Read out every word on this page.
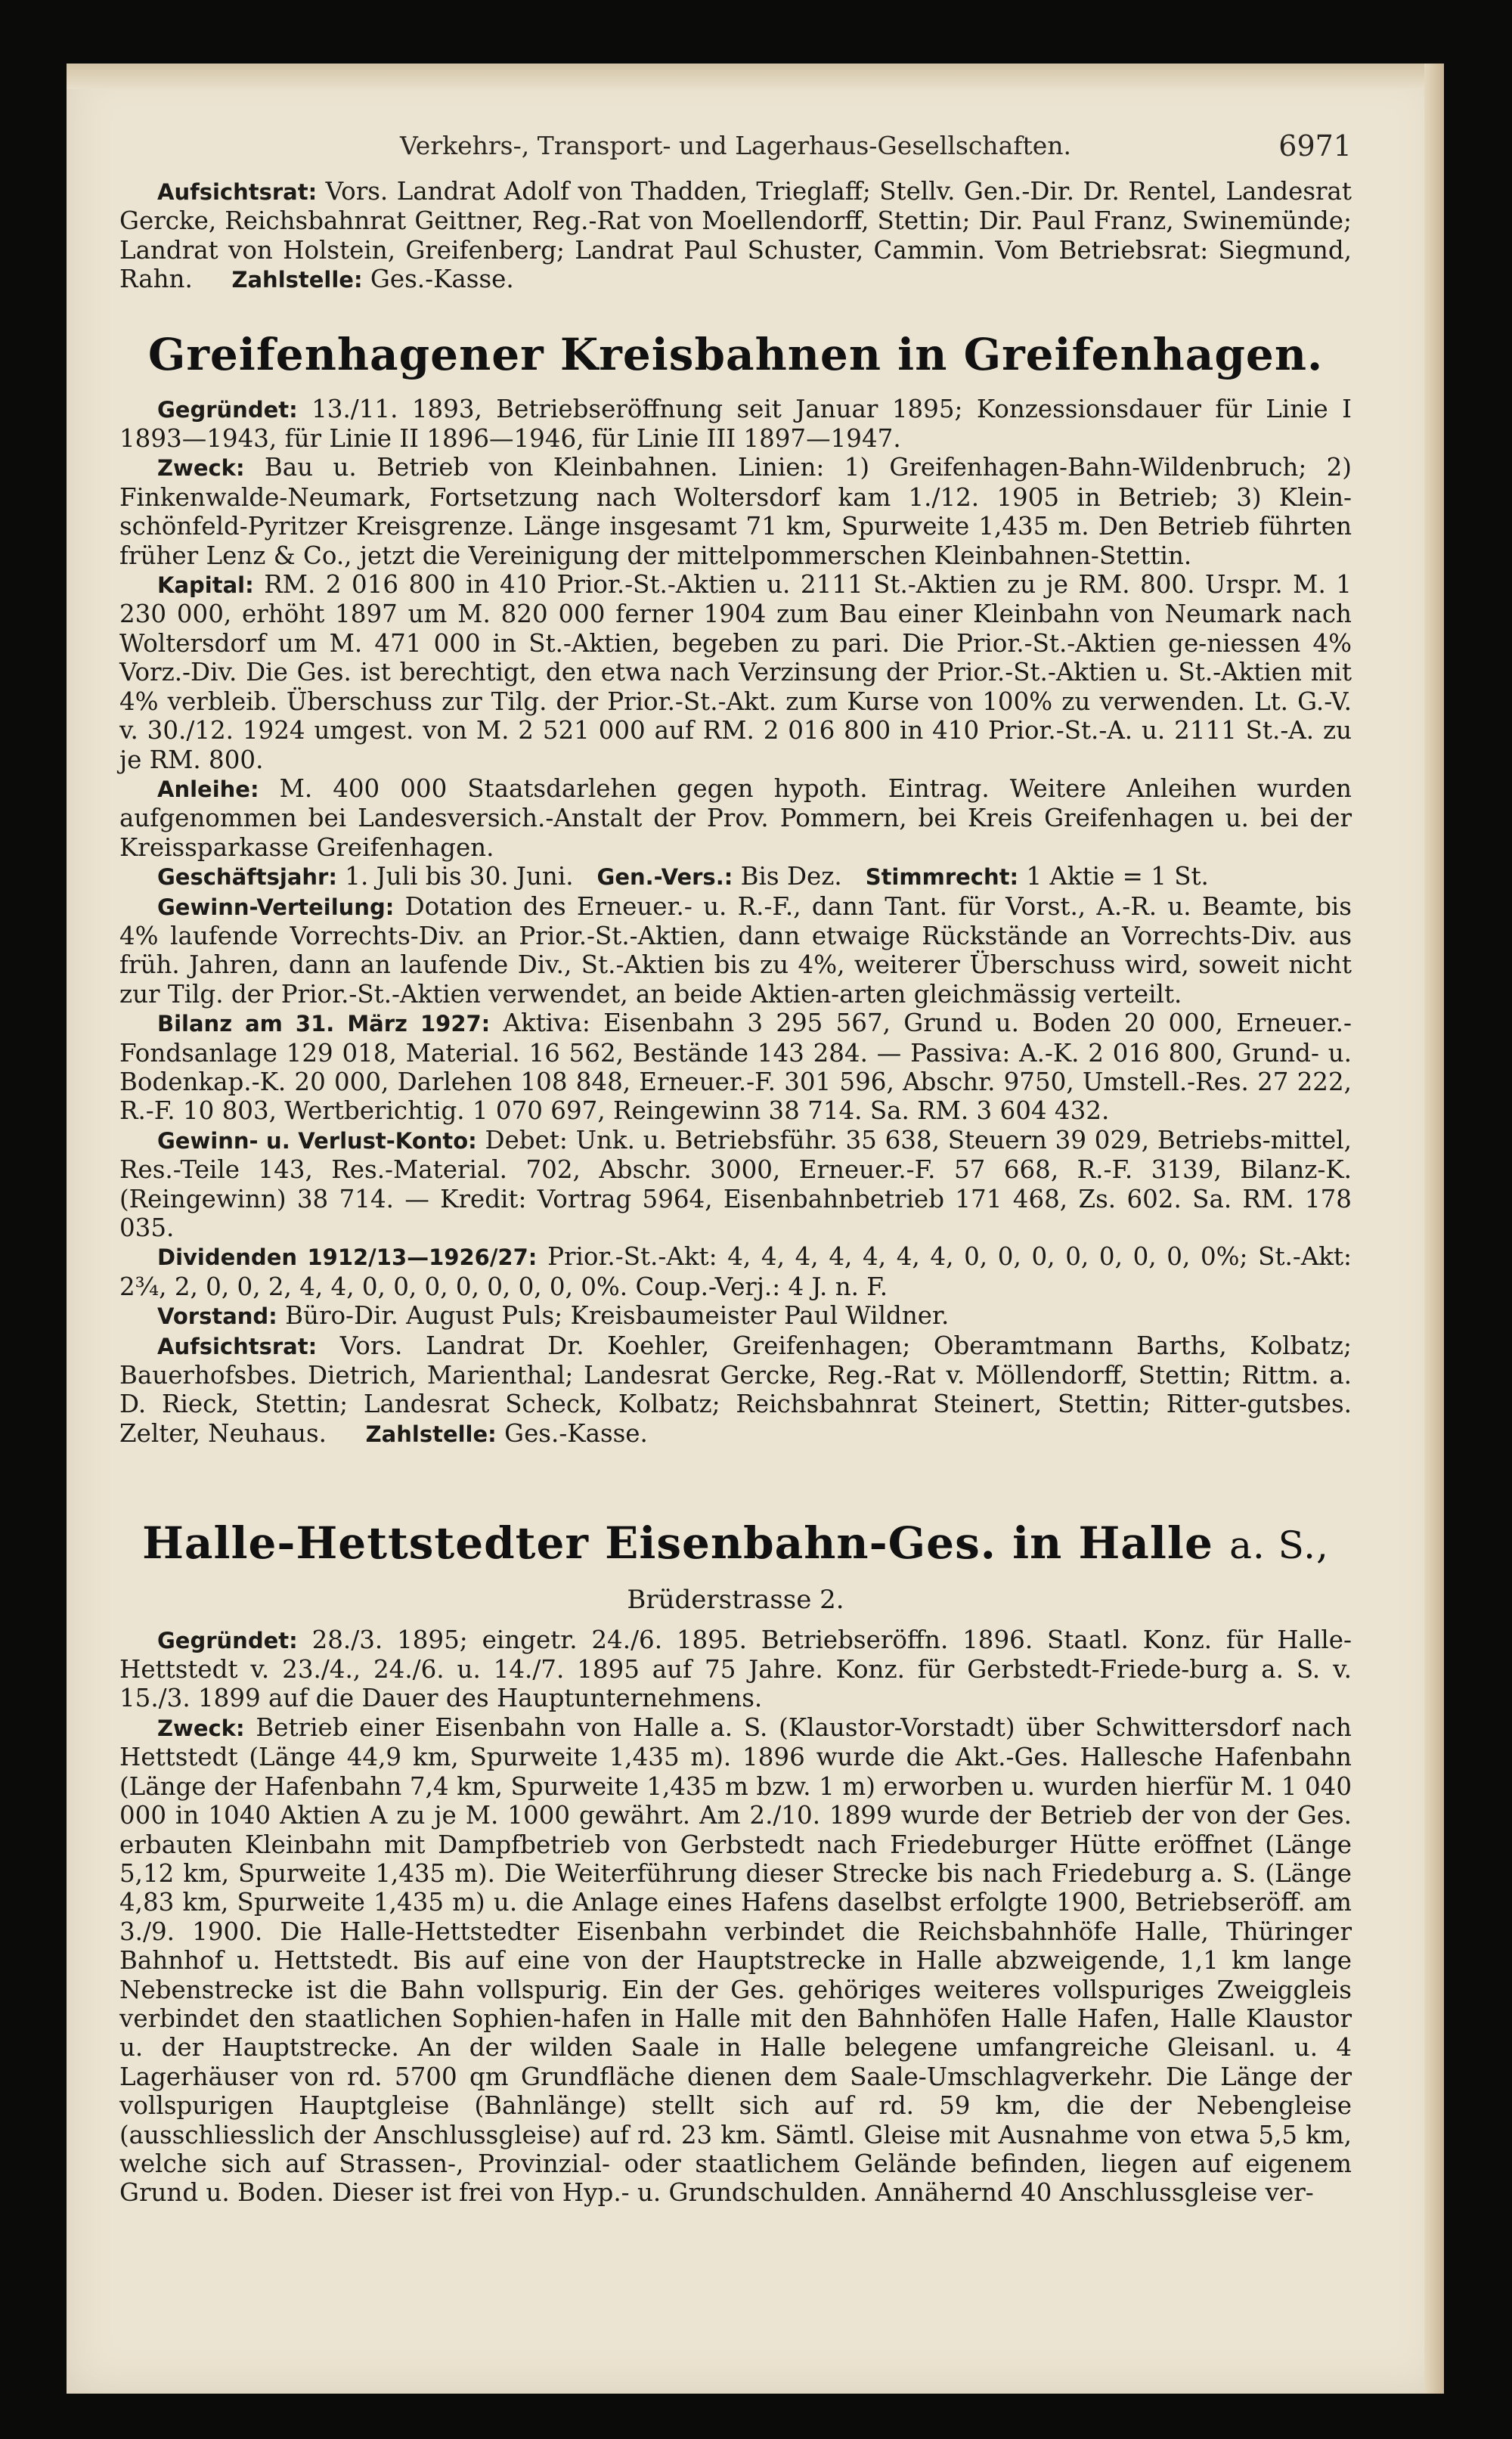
Verkehrs-, Transport- und Lagerhaus-Gesellschaften.	6971

Aufsichtsrat: Vors. Landrat Adolf von Thadden, Trieglaff; Stellv. Gen.-Dir. Dr. Rentel, Landesrat Gercke, Reichsbahnrat Geittner, Reg.-Rat von Moellendorff, Stettin; Dir. Paul Franz, Swinemünde; Landrat von Holstein, Greifenberg; Landrat Paul Schuster, Cammin. Vom Betriebsrat: Siegmund, Rahn. Zahlstelle: Ges.-Kasse.

Greifenhagener Kreisbahnen in Greifenhagen.

Gegründet: 13./11. 1893, Betriebseröffnung seit Januar 1895; Konzessionsdauer für Linie I 1893—1943, für Linie II 1896—1946, für Linie III 1897—1947.

Zweck: Bau u. Betrieb von Kleinbahnen. Linien: 1) Greifenhagen-Bahn-Wildenbruch; 2) Finkenwalde-Neumark, Fortsetzung nach Woltersdorf kam 1./12. 1905 in Betrieb; 3) Klein-schönfeld-Pyritzer Kreisgrenze. Länge insgesamt 71 km, Spurweite 1,435 m. Den Betrieb führten früher Lenz & Co., jetzt die Vereinigung der mittelpommerschen Kleinbahnen-Stettin.

Kapital: RM. 2 016 800 in 410 Prior.-St.-Aktien u. 2111 St.-Aktien zu je RM. 800. Urspr. M. 1 230 000, erhöht 1897 um M. 820 000 ferner 1904 zum Bau einer Kleinbahn von Neumark nach Woltersdorf um M. 471 000 in St.-Aktien, begeben zu pari. Die Prior.-St.-Aktien ge-niessen 4% Vorz.-Div. Die Ges. ist berechtigt, den etwa nach Verzinsung der Prior.-St.-Aktien u. St.-Aktien mit 4% verbleib. Überschuss zur Tilg. der Prior.-St.-Akt. zum Kurse von 100% zu verwenden. Lt. G.-V. v. 30./12. 1924 umgest. von M. 2 521 000 auf RM. 2 016 800 in 410 Prior.-St.-A. u. 2111 St.-A. zu je RM. 800.

Anleihe: M. 400 000 Staatsdarlehen gegen hypoth. Eintrag. Weitere Anleihen wurden aufgenommen bei Landesversich.-Anstalt der Prov. Pommern, bei Kreis Greifenhagen u. bei der Kreissparkasse Greifenhagen.

Geschäftsjahr: 1. Juli bis 30. Juni. Gen.-Vers.: Bis Dez. Stimmrecht: 1 Aktie = 1 St.

Gewinn-Verteilung: Dotation des Erneuer.- u. R.-F., dann Tant. für Vorst., A.-R. u. Beamte, bis 4% laufende Vorrechts-Div. an Prior.-St.-Aktien, dann etwaige Rückstände an Vorrechts-Div. aus früh. Jahren, dann an laufende Div., St.-Aktien bis zu 4%, weiterer Überschuss wird, soweit nicht zur Tilg. der Prior.-St.-Aktien verwendet, an beide Aktien-arten gleichmässig verteilt.

Bilanz am 31. März 1927: Aktiva: Eisenbahn 3 295 567, Grund u. Boden 20 000, Erneuer.-Fondsanlage 129 018, Material. 16 562, Bestände 143 284. — Passiva: A.-K. 2 016 800, Grund- u. Bodenkap.-K. 20 000, Darlehen 108 848, Erneuer.-F. 301 596, Abschr. 9750, Umstell.-Res. 27 222, R.-F. 10 803, Wertberichtig. 1 070 697, Reingewinn 38 714. Sa. RM. 3 604 432.

Gewinn- u. Verlust-Konto: Debet: Unk. u. Betriebsführ. 35 638, Steuern 39 029, Betriebs-mittel, Res.-Teile 143, Res.-Material. 702, Abschr. 3000, Erneuer.-F. 57 668, R.-F. 3139, Bilanz-K. (Reingewinn) 38 714. — Kredit: Vortrag 5964, Eisenbahnbetrieb 171 468, Zs. 602. Sa. RM. 178 035.

Dividenden 1912/13—1926/27: Prior.-St.-Akt: 4, 4, 4, 4, 4, 4, 4, 0, 0, 0, 0, 0, 0, 0, 0%; St.-Akt: 2¾, 2, 0, 0, 2, 4, 4, 0, 0, 0, 0, 0, 0, 0, 0%. Coup.-Verj.: 4 J. n. F.

Vorstand: Büro-Dir. August Puls; Kreisbaumeister Paul Wildner.

Aufsichtsrat: Vors. Landrat Dr. Koehler, Greifenhagen; Oberamtmann Barths, Kolbatz; Bauerhofsbes. Dietrich, Marienthal; Landesrat Gercke, Reg.-Rat v. Möllendorff, Stettin; Rittm. a. D. Rieck, Stettin; Landesrat Scheck, Kolbatz; Reichsbahnrat Steinert, Stettin; Ritter-gutsbes. Zelter, Neuhaus. Zahlstelle: Ges.-Kasse.

Halle-Hettstedter Eisenbahn-Ges. in Halle a. S.,
Brüderstrasse 2.

Gegründet: 28./3. 1895; eingetr. 24./6. 1895. Betriebseröffn. 1896. Staatl. Konz. für Halle-Hettstedt v. 23./4., 24./6. u. 14./7. 1895 auf 75 Jahre. Konz. für Gerbstedt-Friede-burg a. S. v. 15./3. 1899 auf die Dauer des Hauptunternehmens.

Zweck: Betrieb einer Eisenbahn von Halle a. S. (Klaustor-Vorstadt) über Schwittersdorf nach Hettstedt (Länge 44,9 km, Spurweite 1,435 m). 1896 wurde die Akt.-Ges. Hallesche Hafenbahn (Länge der Hafenbahn 7,4 km, Spurweite 1,435 m bzw. 1 m) erworben u. wurden hierfür M. 1 040 000 in 1040 Aktien A zu je M. 1000 gewährt. Am 2./10. 1899 wurde der Betrieb der von der Ges. erbauten Kleinbahn mit Dampfbetrieb von Gerbstedt nach Friedeburger Hütte eröffnet (Länge 5,12 km, Spurweite 1,435 m). Die Weiterführung dieser Strecke bis nach Friedeburg a. S. (Länge 4,83 km, Spurweite 1,435 m) u. die Anlage eines Hafens daselbst erfolgte 1900, Betriebseröff. am 3./9. 1900. Die Halle-Hettstedter Eisenbahn verbindet die Reichsbahnhöfe Halle, Thüringer Bahnhof u. Hettstedt. Bis auf eine von der Hauptstrecke in Halle abzweigende, 1,1 km lange Nebenstrecke ist die Bahn vollspurig. Ein der Ges. gehöriges weiteres vollspuriges Zweiggleis verbindet den staatlichen Sophien-hafen in Halle mit den Bahnhöfen Halle Hafen, Halle Klaustor u. der Hauptstrecke. An der wilden Saale in Halle belegene umfangreiche Gleisanl. u. 4 Lagerhäuser von rd. 5700 qm Grundfläche dienen dem Saale-Umschlagverkehr. Die Länge der vollspurigen Hauptgleise (Bahnlänge) stellt sich auf rd. 59 km, die der Nebengleise (ausschliesslich der Anschlussgleise) auf rd. 23 km. Sämtl. Gleise mit Ausnahme von etwa 5,5 km, welche sich auf Strassen-, Provinzial- oder staatlichem Gelände befinden, liegen auf eigenem Grund u. Boden. Dieser ist frei von Hyp.- u. Grundschulden. Annähernd 40 Anschlussgleise ver-
